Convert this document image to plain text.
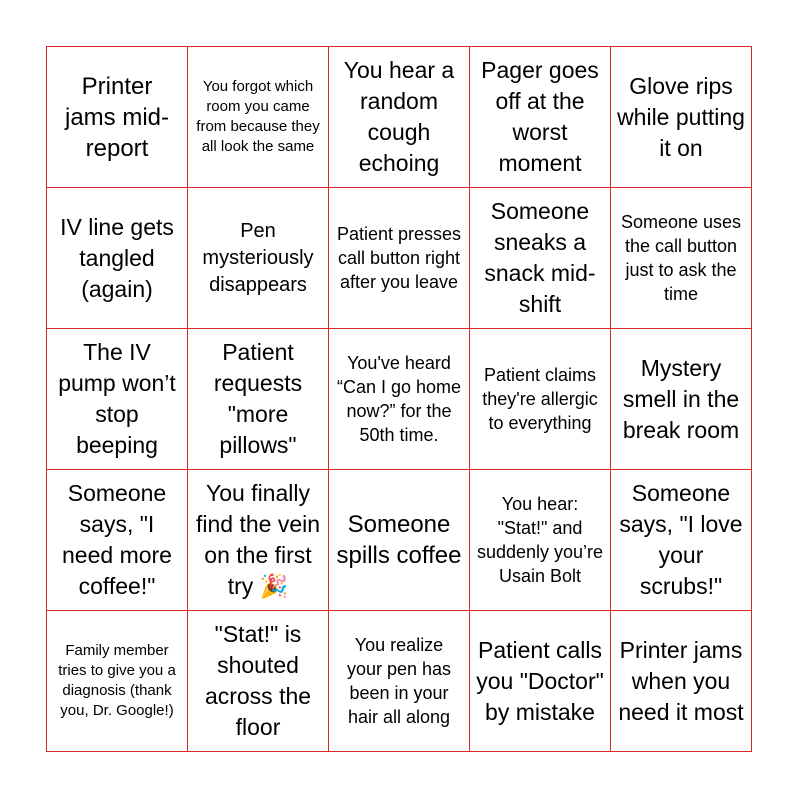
Printer jams mid-report
You forgot which room you came from because they all look the same
You hear a random cough echoing
Pager goes off at the worst moment
Glove rips while putting it on
IV line gets tangled (again)
Pen mysteriously disappears
Patient presses call button right after you leave
Someone sneaks a snack mid-shift
Someone uses the call button just to ask the time
The IV pump won’t stop beeping
Patient requests "more pillows"
You've heard “Can I go home now?” for the 50th time.
Patient claims they're allergic to everything
Mystery smell in the break room
Someone says, "I need more coffee!"
You finally find the vein on the first try 🎉
Someone spills coffee
You hear: "Stat!" and suddenly you’re Usain Bolt
Someone says, "I love your scrubs!"
Family member tries to give you a diagnosis (thank you, Dr. Google!)
"Stat!" is shouted across the floor
You realize your pen has been in your hair all along
Patient calls you "Doctor" by mistake
Printer jams when you need it most
